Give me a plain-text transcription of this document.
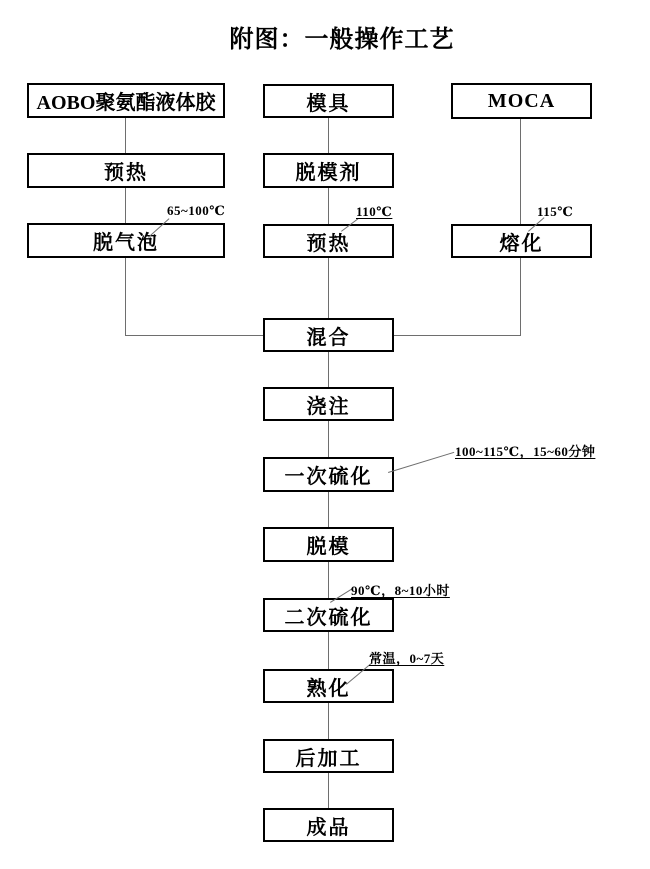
附图：一般操作工艺
AOBO聚氨酯液体胶
预热
脱气泡
模具
脱模剂
预热
MOCA
熔化
混合
浇注
一次硫化
脱模
二次硫化
熟化
后加工
成品
65~100℃	110℃	115℃
100~115℃，15~60分钟
90℃，8~10小时
常温，0~7天
